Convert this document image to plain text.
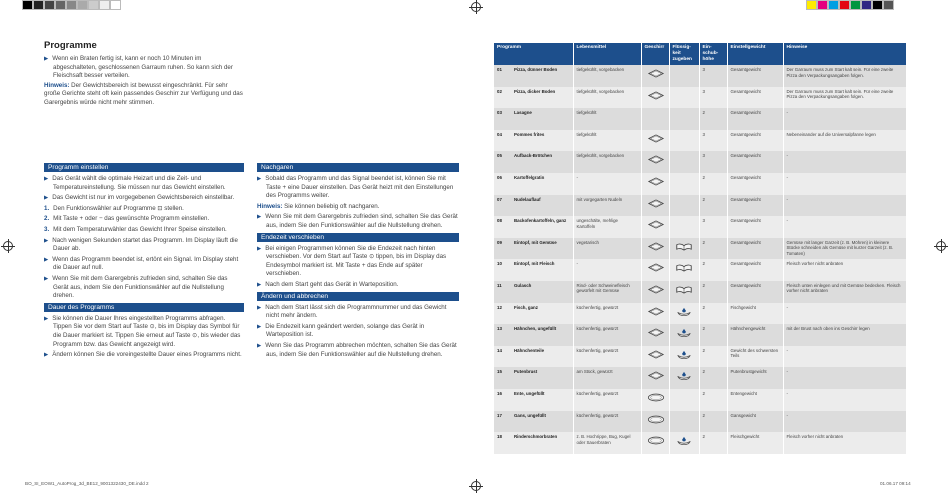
Programme

▶ Wenn ein Braten fertig ist, kann er noch 10 Minuten im abgeschalteten, geschlossenen Garraum ruhen. So kann sich der Fleischsaft besser verteilen.

Hinweis: Der Gewichtsbereich ist bewusst eingeschränkt. Für sehr große Gerichte steht oft kein passendes Geschirr zur Verfügung und das Garergebnis würde nicht mehr stimmen.

Programm einstellen
▶ Das Gerät wählt die optimale Heizart und die Zeit- und Temperatureinstellung. Sie müssen nur das Gewicht einstellen.
▶ Das Gewicht ist nur im vorgegebenen Gewichtsbereich einstellbar.
1. Den Funktionswähler auf Programme ⊡ stellen.
2. Mit Taste + oder − das gewünschte Programm einstellen.
3. Mit dem Temperaturwähler das Gewicht Ihrer Speise einstellen.
▶ Nach wenigen Sekunden startet das Programm. Im Display läuft die Dauer ab.
▶ Wenn das Programm beendet ist, ertönt ein Signal. Im Display steht die Dauer auf null.
▶ Wenn Sie mit dem Garergebnis zufrieden sind, schalten Sie das Gerät aus, indem Sie den Funktionswähler auf die Nullstellung drehen.
Dauer des Programms
▶ Sie können die Dauer Ihres eingestellten Programms abfragen. Tippen Sie vor dem Start auf Taste ⊙, bis im Display das Symbol für die Dauer markiert ist. Tippen Sie erneut auf Taste ⊙, bis wieder das Programm bzw. das Gewicht angezeigt wird.
▶ Ändern können Sie die voreingestellte Dauer eines Programms nicht.
Nachgaren
▶ Sobald das Programm und das Signal beendet ist, können Sie mit Taste + eine Dauer einstellen. Das Gerät heizt mit den Einstellungen des Programms weiter.

Hinweis: Sie können beliebig oft nachgaren.

▶ Wenn Sie mit dem Garergebnis zufrieden sind, schalten Sie das Gerät aus, indem Sie den Funktionswähler auf die Nullstellung drehen.
Endezeit verschieben
▶ Bei einigen Programmen können Sie die Endezeit nach hinten verschieben. Vor dem Start auf Taste ⊙ tippen, bis im Display das Endesymbol markiert ist. Mit Taste + das Ende auf später verschieben.
▶ Nach dem Start geht das Gerät in Warteposition.
Ändern und abbrechen
▶ Nach dem Start lässt sich die Programmnummer und das Gewicht nicht mehr ändern.
▶ Die Endezeit kann geändert werden, solange das Gerät in Warteposition ist.
▶ Wenn Sie das Programm abbrechen möchten, schalten Sie das Gerät aus, indem Sie den Funktionswähler auf die Nullstellung drehen.
Programm	Lebensmittel	Geschirr	Flüssig-keit zugeben	Ein-schub-höhe	Einstellgewicht	Hinweise

01 Pizza, dünner Boden	tiefgekühlt, vorgebacken			3	Gesamtgewicht	Der Garraum muss zum Start kalt sein. Für eine zweite Pizza den Verpackungsangaben folgen.

02 Pizza, dicker Boden	tiefgekühlt, vorgebacken			3	Gesamtgewicht	Der Garraum muss zum Start kalt sein. Für eine zweite Pizza den Verpackungsangaben folgen.

03 Lasagne	tiefgekühlt			2	Gesamtgewicht	-

04 Pommes frites	tiefgekühlt			3	Gesamtgewicht	Nebeneinander auf die Universalpfanne legen

05 Aufback-Brötchen	tiefgekühlt, vorgebacken			3	Gesamtgewicht	-

06 Kartoffelgratin	-			2	Gesamtgewicht	-

07 Nudelauflauf	mit vorgegarten Nudeln			2	Gesamtgewicht	-

08 Backofenkartoffeln, ganz	ungeschälte, mehlige Kartoffeln			3	Gesamtgewicht	-

09 Eintopf, mit Gemüse	vegetarisch			2	Gesamtgewicht	Gemüse mit langer Garzeit (z. B. Möhren) in kleinere Stücke schneiden als Gemüse mit kurzer Garzeit (z. B. Tomaten)

10 Eintopf, mit Fleisch	-			2	Gesamtgewicht	Fleisch vorher nicht anbraten

11 Gulasch	Rind- oder Schweinefleisch gewürfelt mit Gemüse			2	Gesamtgewicht	Fleisch unten einlegen und mit Gemüse bedecken. Fleisch vorher nicht anbraten

12 Fisch, ganz	küchenfertig, gewürzt			2	Fischgewicht	-

13 Hähnchen, ungefüllt	küchenfertig, gewürzt			2	Hähnchengewicht	mit der Brust nach oben ins Geschirr legen

14 Hähnchenteile	küchenfertig, gewürzt			2	Gewicht des schwersten Teils	-

15 Putenbrust	am Stück, gewürzt			2	Putenbrustgewicht	-

16 Ente, ungefüllt	küchenfertig, gewürzt			2	Entengewicht	-

17 Gans, ungefüllt	küchenfertig, gewürzt			2	Gansgewicht	-

18 Rinderschmorbraten	z. B. Hochrippe, Bug, Kugel oder Sauerbraten			2	Fleischgewicht	Fleisch vorher nicht anbraten
BO_SI_EOW1_AutoProg_3d_BE12_9001322430_DE.indd 2	01.06.17 09:14
